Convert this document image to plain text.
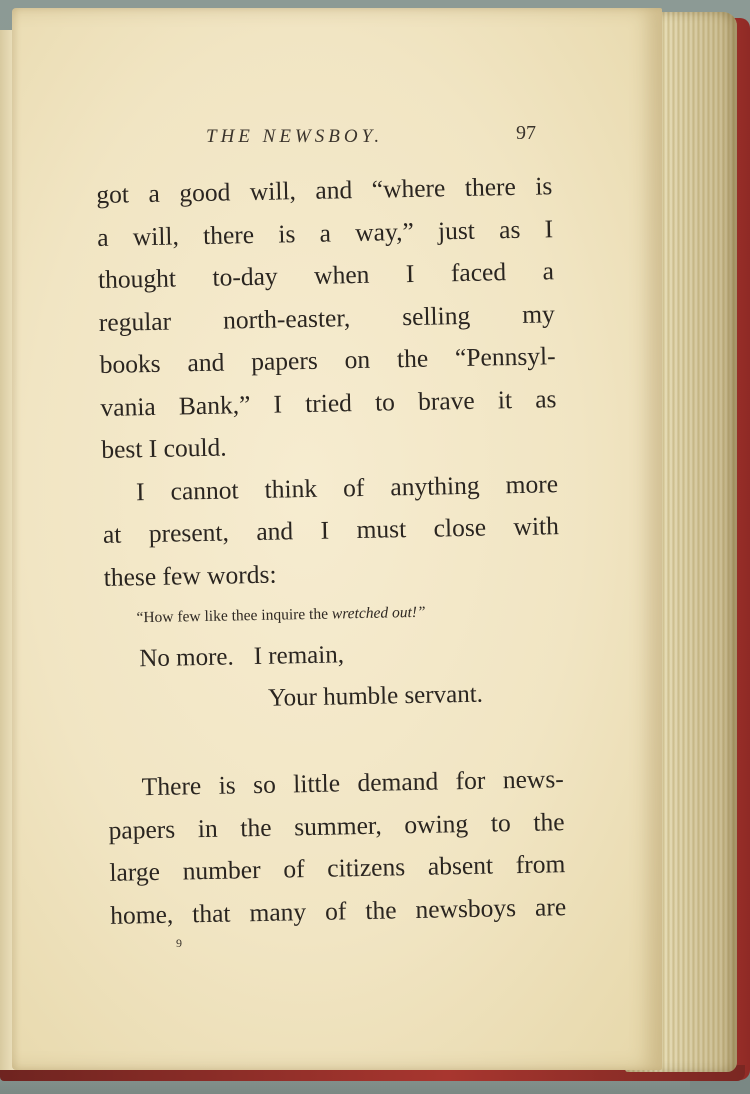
THE NEWSBOY.	97
got a good will, and “where there is
a will, there is a way,” just as I
thought to-day when I faced a
regular north-easter, selling my
books and papers on the “Pennsyl-
vania Bank,” I tried to brave it as
best I could.
I cannot think of anything more
at present, and I must close with
these few words:
“How few like thee inquire the wretched out!”
No more. I remain,
Your humble servant.
There is so little demand for news-
papers in the summer, owing to the
large number of citizens absent from
home, that many of the newsboys are
9
